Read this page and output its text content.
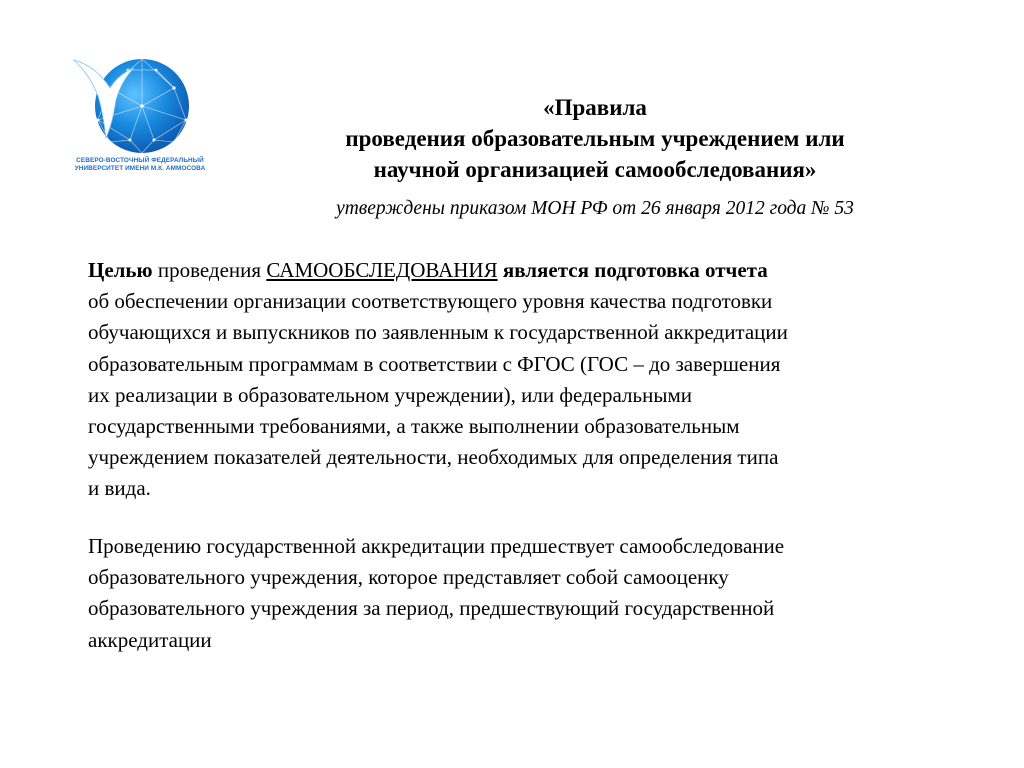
СЕВЕРО-ВОСТОЧНЫЙ ФЕДЕРАЛЬНЫЙ
УНИВЕРСИТЕТ ИМЕНИ М.К. АММОСОВА
«Правила
проведения образовательным учреждением или
научной организацией самообследования»
утверждены приказом МОН РФ от 26 января 2012 года № 53
Целью проведения САМООБСЛЕДОВАНИЯ является подготовка отчета
об обеспечении организации соответствующего уровня качества подготовки
обучающихся и выпускников по заявленным к государственной аккредитации
образовательным программам в соответствии с ФГОС (ГОС – до завершения
их реализации в образовательном учреждении), или федеральными
государственными требованиями, а также выполнении образовательным
учреждением показателей деятельности, необходимых для определения типа
и вида.
Проведению государственной аккредитации предшествует самообследование
образовательного учреждения, которое представляет собой самооценку
образовательного учреждения за период, предшествующий государственной
аккредитации
